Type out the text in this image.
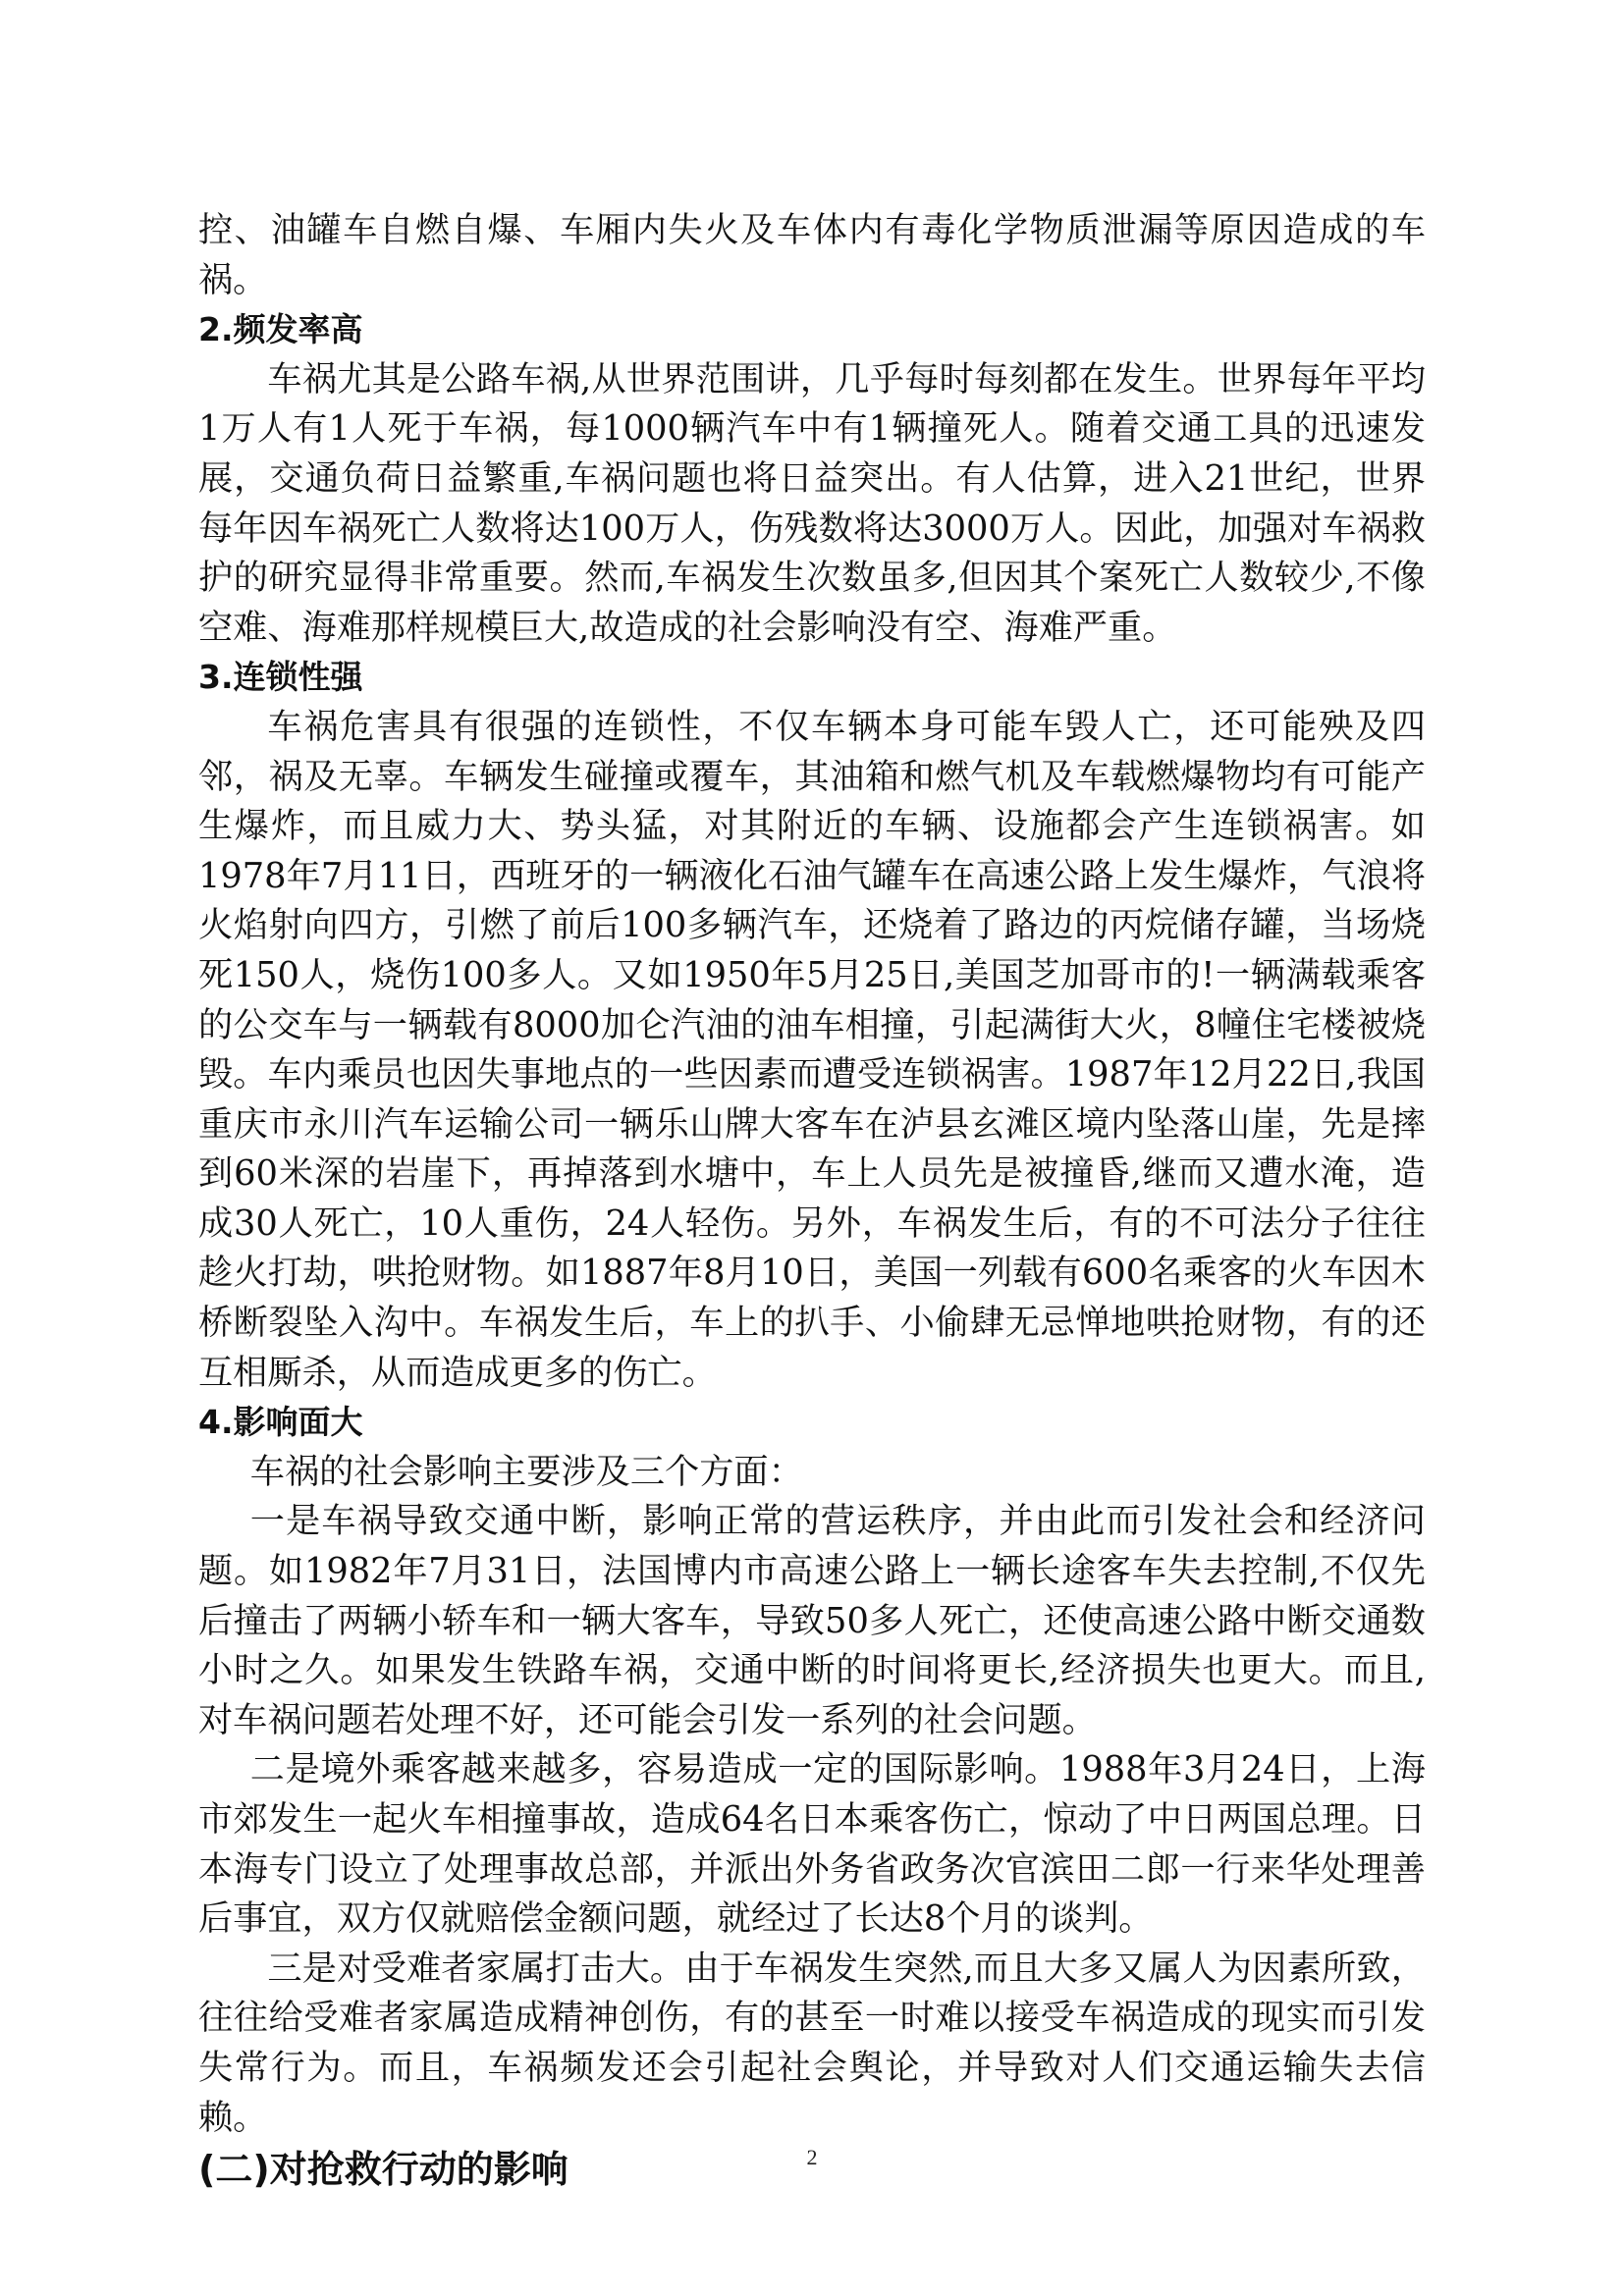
控、油罐车自燃自爆、车厢内失火及车体内有毒化学物质泄漏等原因造成的车祸。

2.频发率高

车祸尤其是公路车祸,从世界范围讲，几乎每时每刻都在发生。世界每年平均1万人有1人死于车祸，每1000辆汽车中有1辆撞死人。随着交通工具的迅速发展，交通负荷日益繁重,车祸问题也将日益突出。有人估算，进入21世纪，世界每年因车祸死亡人数将达100万人，伤残数将达3000万人。因此，加强对车祸救护的研究显得非常重要。然而,车祸发生次数虽多,但因其个案死亡人数较少,不像空难、海难那样规模巨大,故造成的社会影响没有空、海难严重。

3.连锁性强

车祸危害具有很强的连锁性，不仅车辆本身可能车毁人亡，还可能殃及四邻，祸及无辜。车辆发生碰撞或覆车，其油箱和燃气机及车载燃爆物均有可能产生爆炸，而且威力大、势头猛，对其附近的车辆、设施都会产生连锁祸害。如1978年7月11日，西班牙的一辆液化石油气罐车在高速公路上发生爆炸，气浪将火焰射向四方，引燃了前后100多辆汽车，还烧着了路边的丙烷储存罐，当场烧死150人，烧伤100多人。又如1950年5月25日,美国芝加哥市的!一辆满载乘客的公交车与一辆载有8000加仑汽油的油车相撞，引起满街大火，8幢住宅楼被烧毁。车内乘员也因失事地点的一些因素而遭受连锁祸害。1987年12月22日,我国重庆市永川汽车运输公司一辆乐山牌大客车在泸县玄滩区境内坠落山崖，先是摔到60米深的岩崖下，再掉落到水塘中，车上人员先是被撞昏,继而又遭水淹，造成30人死亡，10人重伤，24人轻伤。另外，车祸发生后，有的不可法分子往往趁火打劫，哄抢财物。如1887年8月10日，美国一列载有600名乘客的火车因木桥断裂坠入沟中。车祸发生后，车上的扒手、小偷肆无忌惮地哄抢财物，有的还互相厮杀，从而造成更多的伤亡。

4.影响面大

车祸的社会影响主要涉及三个方面：

一是车祸导致交通中断，影响正常的营运秩序，并由此而引发社会和经济问题。如1982年7月31日，法国博内市高速公路上一辆长途客车失去控制,不仅先后撞击了两辆小轿车和一辆大客车，导致50多人死亡，还使高速公路中断交通数小时之久。如果发生铁路车祸，交通中断的时间将更长,经济损失也更大。而且,对车祸问题若处理不好，还可能会引发一系列的社会问题。

二是境外乘客越来越多，容易造成一定的国际影响。1988年3月24日，上海市郊发生一起火车相撞事故，造成64名日本乘客伤亡，惊动了中日两国总理。日本海专门设立了处理事故总部，并派出外务省政务次官滨田二郎一行来华处理善后事宜，双方仅就赔偿金额问题，就经过了长达8个月的谈判。

三是对受难者家属打击大。由于车祸发生突然,而且大多又属人为因素所致，往往给受难者家属造成精神创伤，有的甚至一时难以接受车祸造成的现实而引发失常行为。而且，车祸频发还会引起社会舆论，并导致对人们交通运输失去信赖。

(二)对抢救行动的影响	2
